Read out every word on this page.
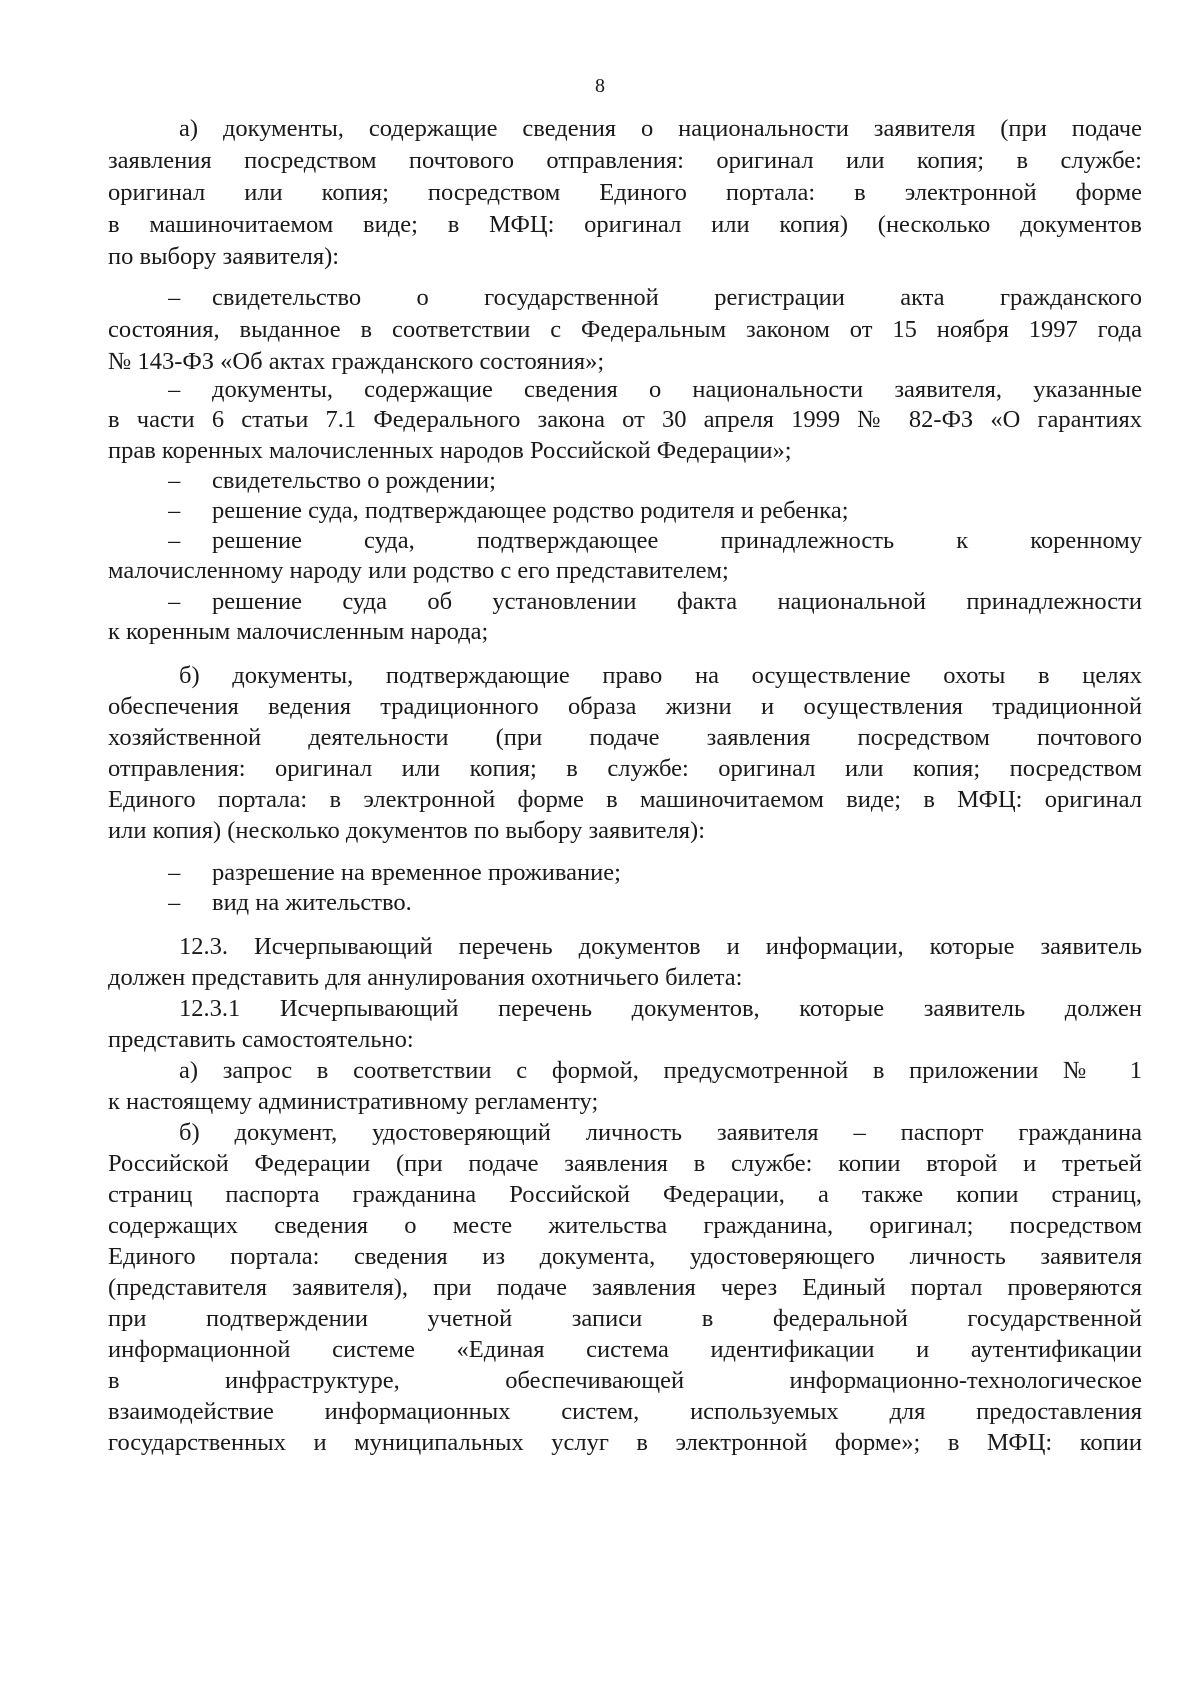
8
а) документы, содержащие сведения о национальности заявителя (при подаче
заявления посредством почтового отправления: оригинал или копия; в службе:
оригинал или копия; посредством Единого портала: в электронной форме
в машиночитаемом виде; в МФЦ: оригинал или копия) (несколько документов
по выбору заявителя):
– свидетельство о государственной регистрации акта гражданского
состояния, выданное в соответствии с Федеральным законом от 15 ноября 1997 года
№ 143-ФЗ «Об актах гражданского состояния»;
– документы, содержащие сведения о национальности заявителя, указанные
в части 6 статьи 7.1 Федерального закона от 30 апреля 1999 № 82-ФЗ «О гарантиях
прав коренных малочисленных народов Российской Федерации»;
– свидетельство о рождении;
– решение суда, подтверждающее родство родителя и ребенка;
– решение суда, подтверждающее принадлежность к коренному
малочисленному народу или родство с его представителем;
– решение суда об установлении факта национальной принадлежности
к коренным малочисленным народа;
б) документы, подтверждающие право на осуществление охоты в целях
обеспечения ведения традиционного образа жизни и осуществления традиционной
хозяйственной деятельности (при подаче заявления посредством почтового
отправления: оригинал или копия; в службе: оригинал или копия; посредством
Единого портала: в электронной форме в машиночитаемом виде; в МФЦ: оригинал
или копия) (несколько документов по выбору заявителя):
– разрешение на временное проживание;
– вид на жительство.
12.3. Исчерпывающий перечень документов и информации, которые заявитель
должен представить для аннулирования охотничьего билета:
12.3.1 Исчерпывающий перечень документов, которые заявитель должен
представить самостоятельно:
а) запрос в соответствии с формой, предусмотренной в приложении № 1
к настоящему административному регламенту;
б) документ, удостоверяющий личность заявителя – паспорт гражданина
Российской Федерации (при подаче заявления в службе: копии второй и третьей
страниц паспорта гражданина Российской Федерации, а также копии страниц,
содержащих сведения о месте жительства гражданина, оригинал; посредством
Единого портала: сведения из документа, удостоверяющего личность заявителя
(представителя заявителя), при подаче заявления через Единый портал проверяются
при подтверждении учетной записи в федеральной государственной
информационной системе «Единая система идентификации и аутентификации
в инфраструктуре, обеспечивающей информационно-технологическое
взаимодействие информационных систем, используемых для предоставления
государственных и муниципальных услуг в электронной форме»; в МФЦ: копии
